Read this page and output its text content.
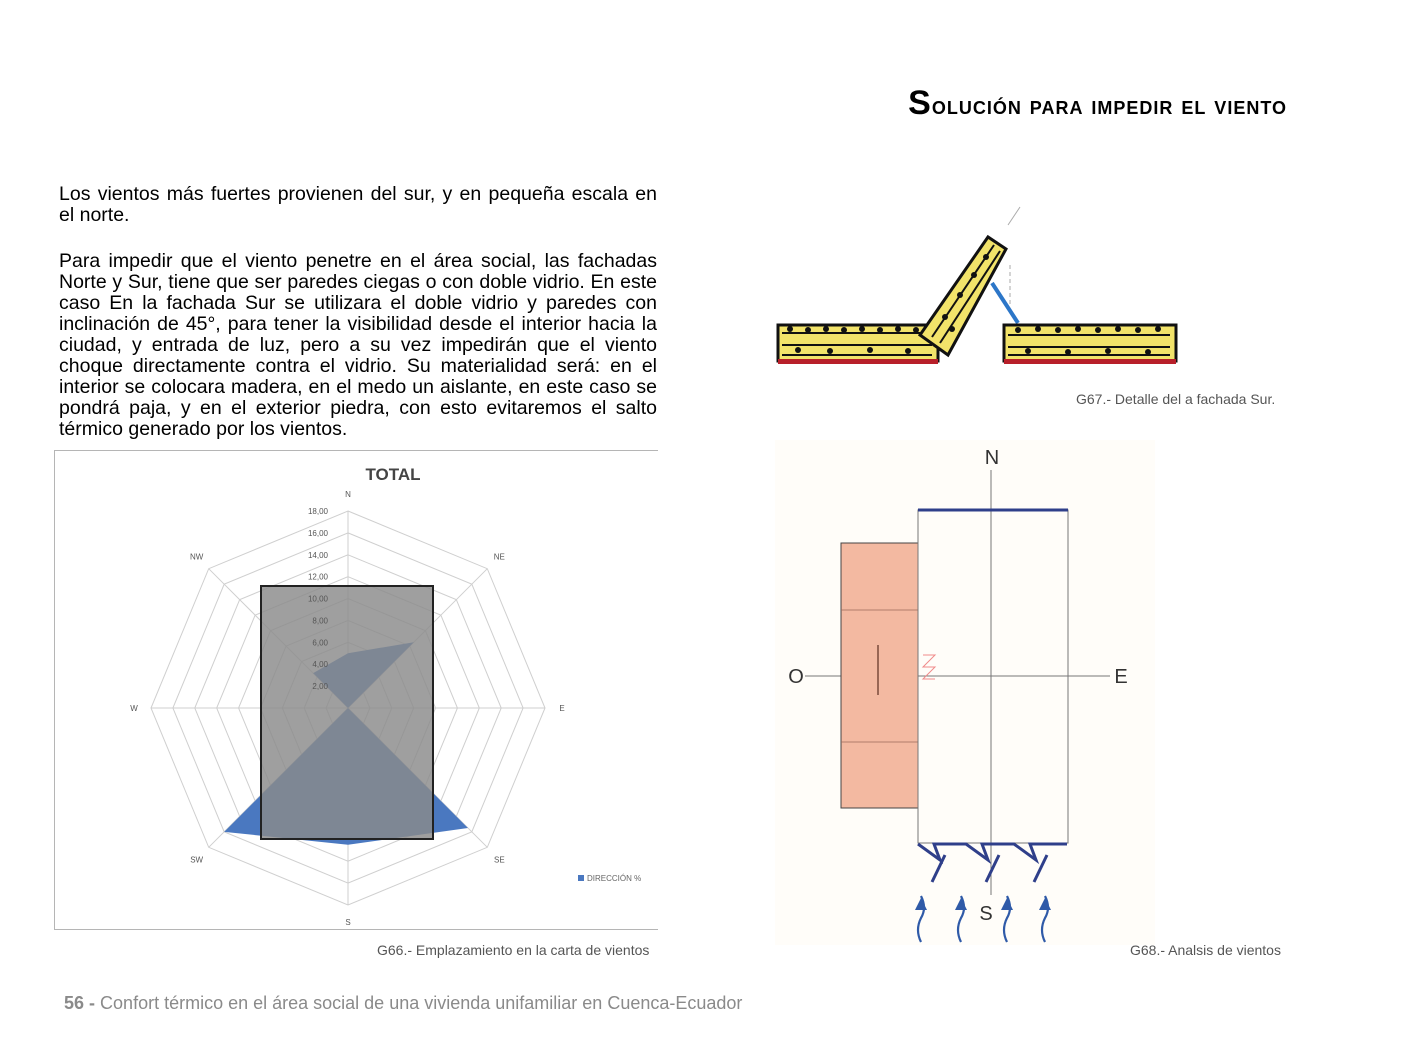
Solución para impedir el viento

Los vientos más fuertes provienen del sur, y en pequeña escala en el norte.

Para impedir que el viento penetre en el área social, las fachadas Norte y Sur, tiene que ser paredes ciegas o con doble vidrio. En este caso En la fachada Sur se utilizara el doble vidrio y paredes con inclinación de 45°, para tener la visibilidad desde el interior hacia la ciudad, y entrada de luz, pero a su vez impedirán que el viento choque directamente contra el vidrio. Su materialidad será: en el interior se colocara madera, en el medo un aislante, en este caso se pondrá paja, y en el exterior piedra, con esto evitaremos el salto térmico generado por los vientos.

TOTAL
N
NE
E
SE
S
SW
W
NW
2,00
4,00
6,00
8,00
10,00
12,00
14,00
16,00
18,00
DIRECCIÓN %
G66.- Emplazamiento en la carta de vientos
G67.- Detalle del a fachada Sur.
N
S
E
O
G68.- Analsis de vientos
56 - Confort térmico en el área social de una vivienda unifamiliar en Cuenca-Ecuador
